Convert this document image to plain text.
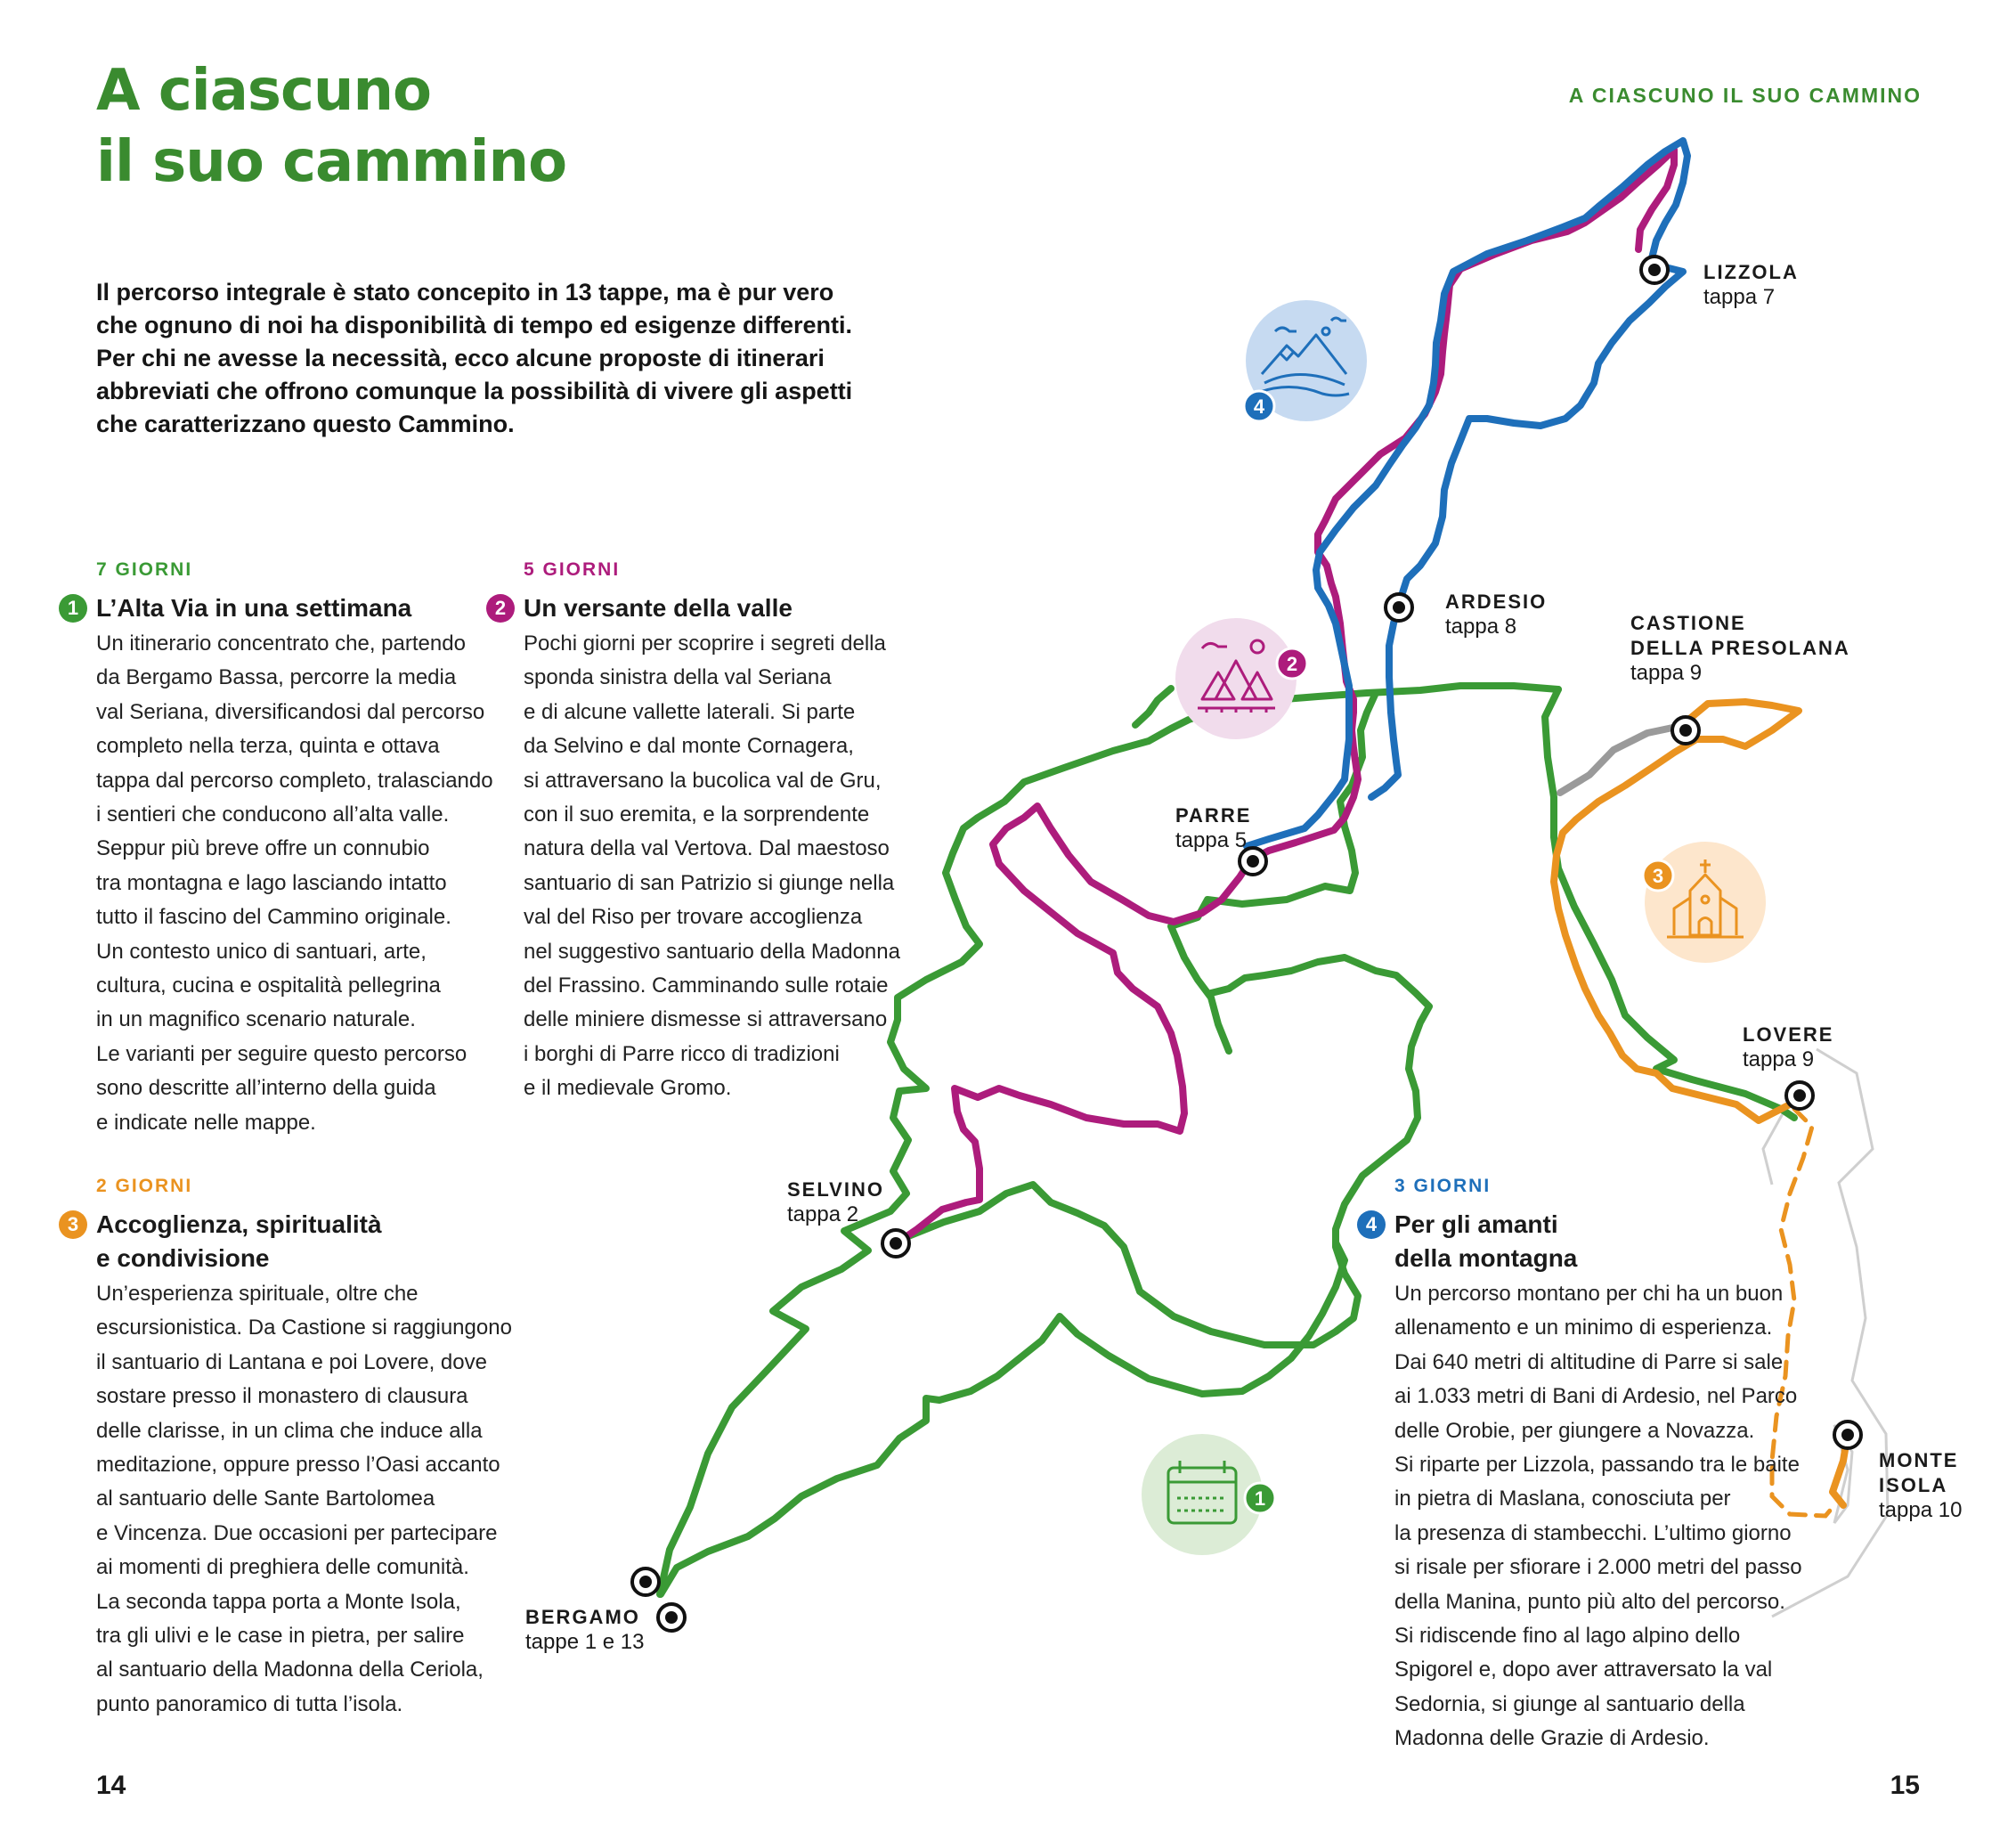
A ciascuno
il suo cammino
A CIASCUNO IL SUO CAMMINO
Il percorso integrale è stato concepito in 13 tappe, ma è pur vero
che ognuno di noi ha disponibilità di tempo ed esigenze differenti.
Per chi ne avesse la necessità, ecco alcune proposte di itinerari
abbreviati che offrono comunque la possibilità di vivere gli aspetti
che caratterizzano questo Cammino.
4
2
3
1
LIZZOLA
tappa 7
ARDESIO
tappa 8	CASTIONE
DELLA PRESOLANA
tappa 9
PARRE
tappa 5
LOVERE
tappa 9
SELVINO
tappa 2
MONTE
ISOLA
tappa 10
BERGAMO
tappe 1 e 13
7 GIORNI
1 L’Alta Via in una settimana
Un itinerario concentrato che, partendo
da Bergamo Bassa, percorre la media
val Seriana, diversificandosi dal percorso
completo nella terza, quinta e ottava
tappa dal percorso completo, tralasciando
i sentieri che conducono all’alta valle.
Seppur più breve offre un connubio
tra montagna e lago lasciando intatto
tutto il fascino del Cammino originale.
Un contesto unico di santuari, arte,
cultura, cucina e ospitalità pellegrina
in un magnifico scenario naturale.
Le varianti per seguire questo percorso
sono descritte all’interno della guida
e indicate nelle mappe.
5 GIORNI
2 Un versante della valle
Pochi giorni per scoprire i segreti della
sponda sinistra della val Seriana
e di alcune vallette laterali. Si parte
da Selvino e dal monte Cornagera,
si attraversano la bucolica val de Gru,
con il suo eremita, e la sorprendente
natura della val Vertova. Dal maestoso
santuario di san Patrizio si giunge nella
val del Riso per trovare accoglienza
nel suggestivo santuario della Madonna
del Frassino. Camminando sulle rotaie
delle miniere dismesse si attraversano
i borghi di Parre ricco di tradizioni
e il medievale Gromo.
2 GIORNI
3 Accoglienza, spiritualità
e condivisione
Un’esperienza spirituale, oltre che
escursionistica. Da Castione si raggiungono
il santuario di Lantana e poi Lovere, dove
sostare presso il monastero di clausura
delle clarisse, in un clima che induce alla
meditazione, oppure presso l’Oasi accanto
al santuario delle Sante Bartolomea
e Vincenza. Due occasioni per partecipare
ai momenti di preghiera delle comunità.
La seconda tappa porta a Monte Isola,
tra gli ulivi e le case in pietra, per salire
al santuario della Madonna della Ceriola,
punto panoramico di tutta l’isola.
3 GIORNI
4 Per gli amanti
della montagna
Un percorso montano per chi ha un buon
allenamento e un minimo di esperienza.
Dai 640 metri di altitudine di Parre si sale
ai 1.033 metri di Bani di Ardesio, nel Parco
delle Orobie, per giungere a Novazza.
Si riparte per Lizzola, passando tra le baite
in pietra di Maslana, conosciuta per
la presenza di stambecchi. L’ultimo giorno
si risale per sfiorare i 2.000 metri del passo
della Manina, punto più alto del percorso.
Si ridiscende fino al lago alpino dello
Spigorel e, dopo aver attraversato la val
Sedornia, si giunge al santuario della
Madonna delle Grazie di Ardesio.
14	15
